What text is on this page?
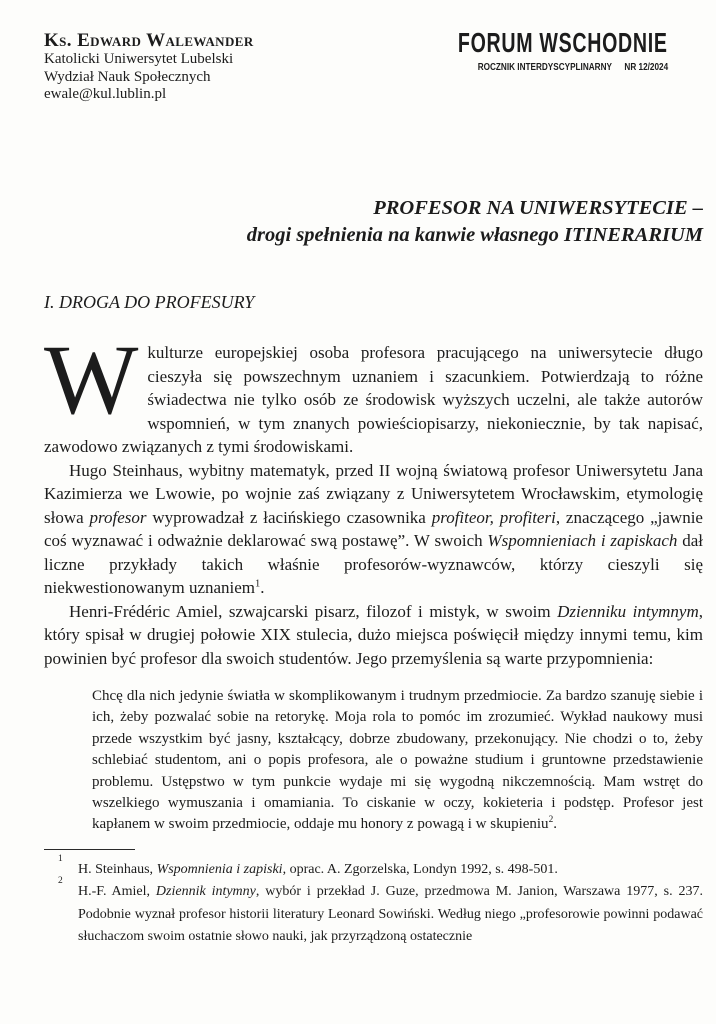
Ks. Edward Walewander
Katolicki Uniwersytet Lubelski
Wydział Nauk Społecznych
ewale@kul.lublin.pl
FORUM WSCHODNIE
ROCZNIK INTERDYSCYPLINARNY NR 12/2024
PROFESOR NA UNIWERSYTECIE –
drogi spełnienia na kanwie własnego ITINERARIUM
I. DROGA DO PROFESURY

Wkulturze europejskiej osoba profesora pracującego na uniwersytecie długo cieszyła się powszechnym uznaniem i szacunkiem. Potwierdzają to różne świadectwa nie tylko osób ze środowisk wyższych uczelni, ale także autorów wspomnień, w tym znanych powieściopisarzy, niekoniecznie, by tak napisać, zawodowo związanych z tymi środowiskami.

Hugo Steinhaus, wybitny matematyk, przed II wojną światową profesor Uniwersytetu Jana Kazimierza we Lwowie, po wojnie zaś związany z Uniwersytetem Wrocławskim, etymologię słowa profesor wyprowadzał z łacińskiego czasownika profiteor, profiteri, znaczącego „jawnie coś wyznawać i odważnie deklarować swą postawę”. W swoich Wspomnieniach i zapiskach dał liczne przykłady takich właśnie profesorów-wyznawców, którzy cieszyli się niekwestionowanym uznaniem$^1$.

Henri-Frédéric Amiel, szwajcarski pisarz, filozof i mistyk, w swoim Dzienniku intymnym, który spisał w drugiej połowie XIX stulecia, dużo miejsca poświęcił między innymi temu, kim powinien być profesor dla swoich studentów. Jego przemyślenia są warte przypomnienia:

Chcę dla nich jedynie światła w skomplikowanym i trudnym przedmiocie. Za bardzo szanuję siebie i ich, żeby pozwalać sobie na retorykę. Moja rola to pomóc im zrozumieć. Wykład naukowy musi przede wszystkim być jasny, kształcący, dobrze zbudowany, przekonujący. Nie chodzi o to, żeby schlebiać studentom, ani o popis profesora, ale o poważne studium i gruntowne przedstawienie problemu. Ustępstwo w tym punkcie wydaje mi się wygodną nikczemnością. Mam wstręt do wszelkiego wymuszania i omamiania. To ciskanie w oczy, kokieteria i podstęp. Profesor jest kapłanem w swoim przedmiocie, oddaje mu honory z powagą i w skupieniu$^2$.
1
H. Steinhaus, Wspomnienia i zapiski, oprac. A. Zgorzelska, Londyn 1992, s. 498-501.
2
H.-F. Amiel, Dziennik intymny, wybór i przekład J. Guze, przedmowa M. Janion, Warszawa 1977, s. 237. Podobnie wyznał profesor historii literatury Leonard Sowiński. Według niego „profesorowie powinni podawać słuchaczom swoim ostatnie słowo nauki, jak przyrządzoną ostatecznie
